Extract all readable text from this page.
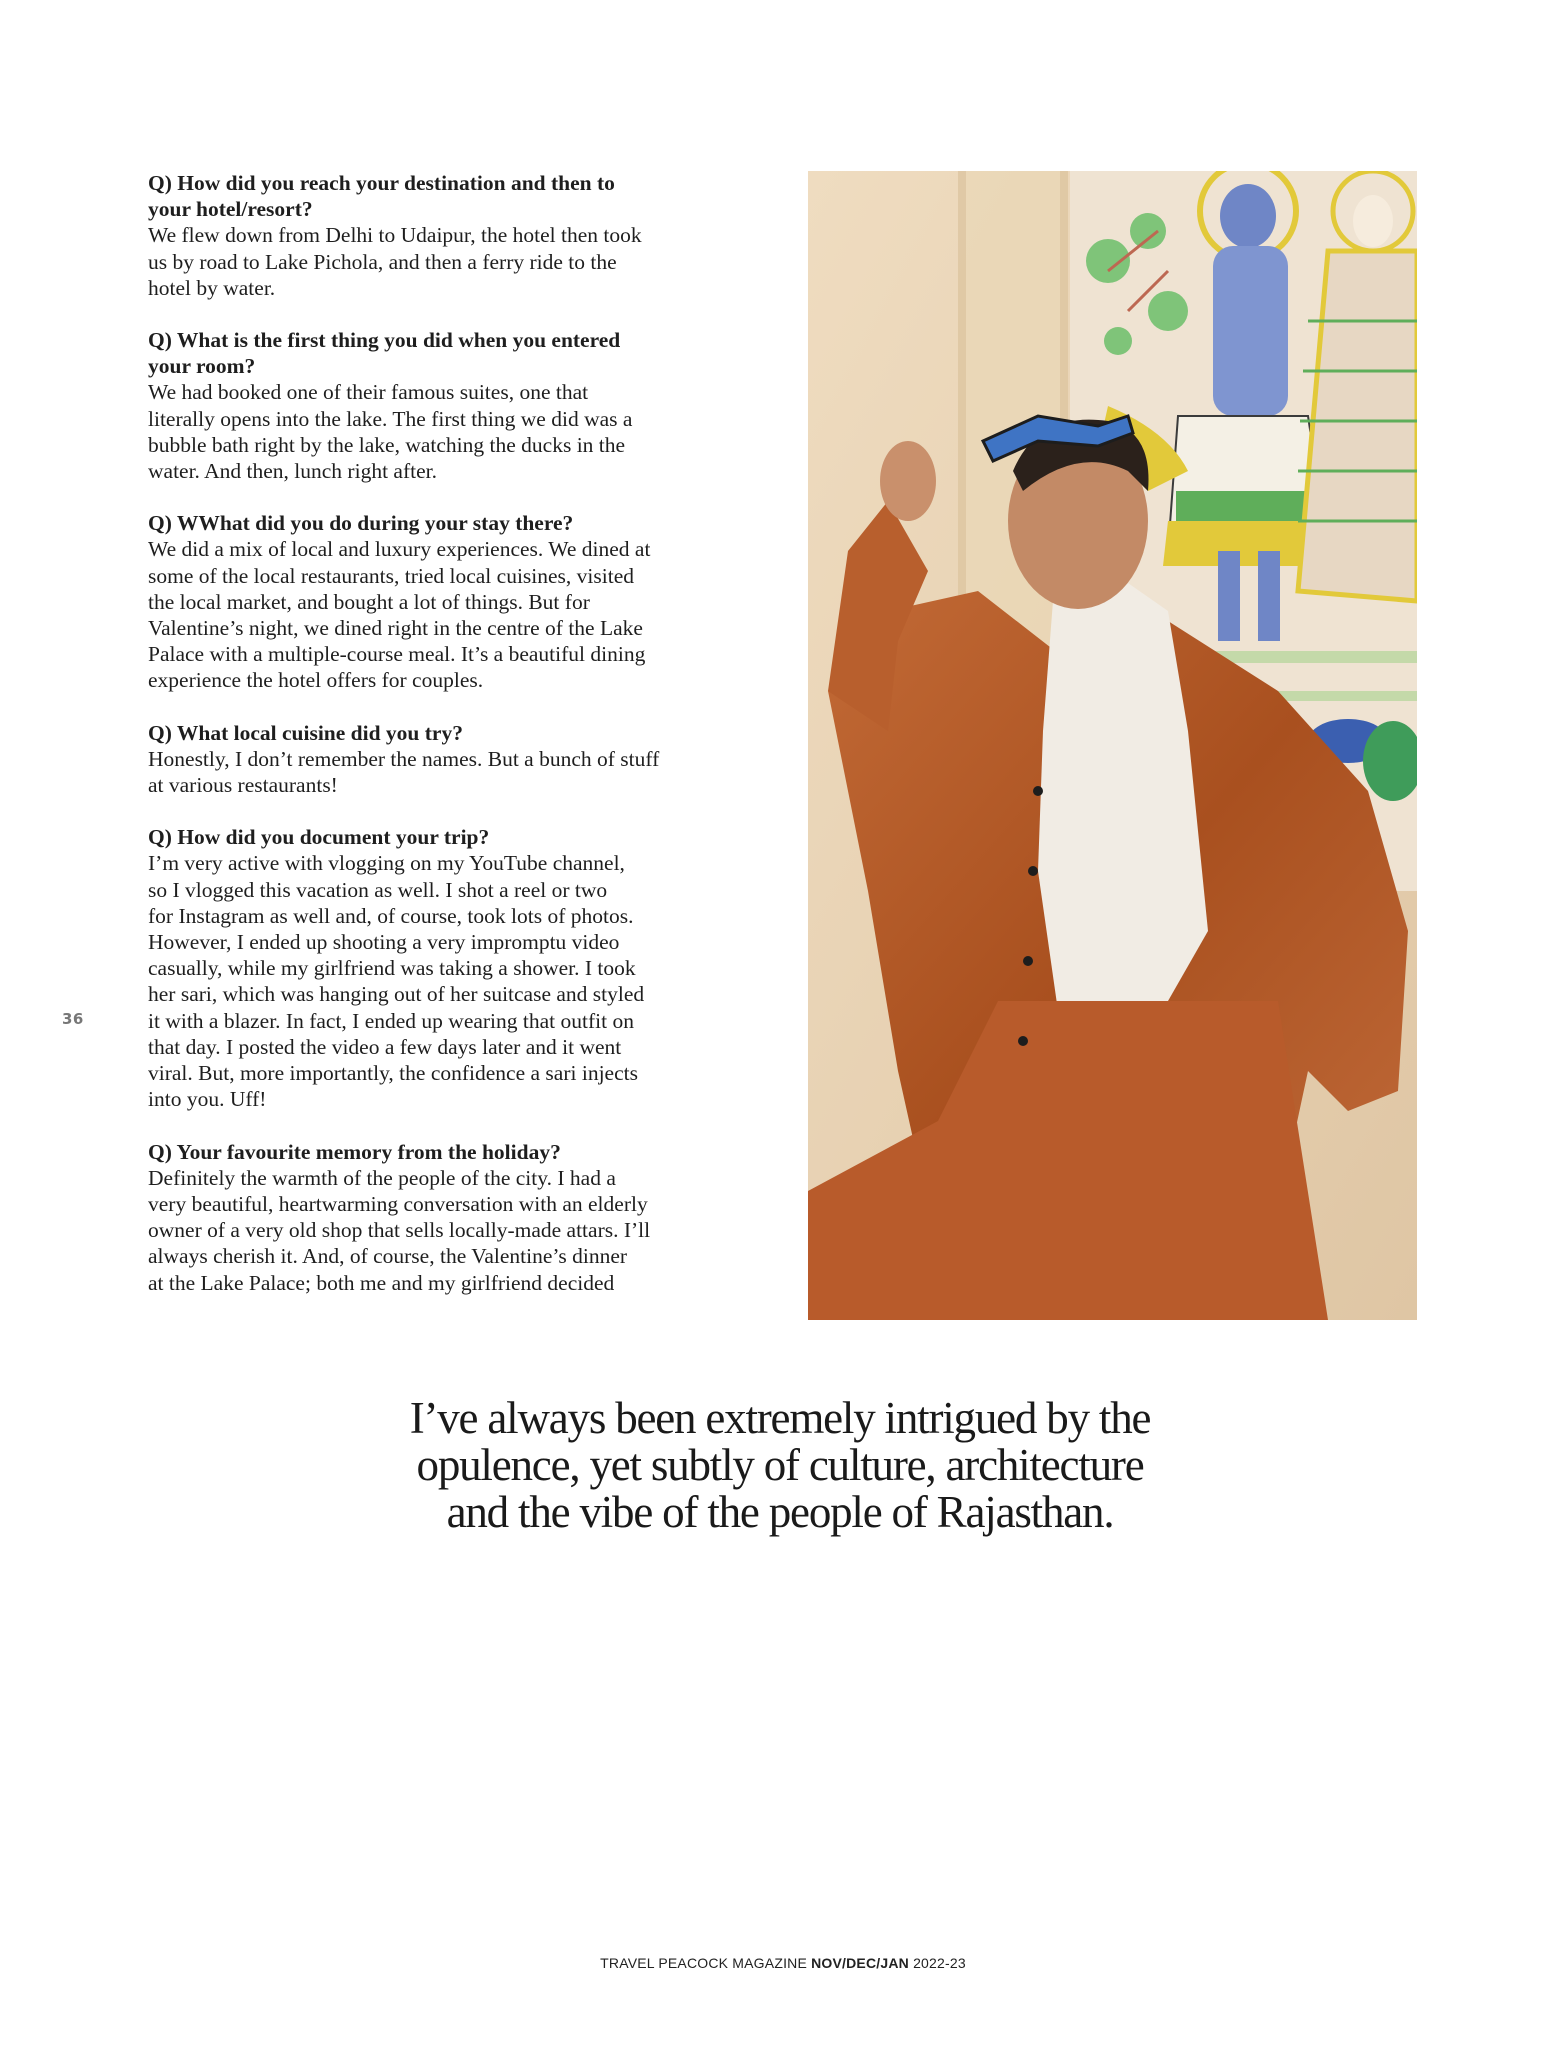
Q) How did you reach your destination and then to
your hotel/resort?
We flew down from Delhi to Udaipur, the hotel then took
us by road to Lake Pichola, and then a ferry ride to the
hotel by water.
Q) What is the first thing you did when you entered
your room?
We had booked one of their famous suites, one that
literally opens into the lake. The first thing we did was a
bubble bath right by the lake, watching the ducks in the
water. And then, lunch right after.
Q) WWhat did you do during your stay there?
We did a mix of local and luxury experiences. We dined at
some of the local restaurants, tried local cuisines, visited
the local market, and bought a lot of things. But for
Valentine’s night, we dined right in the centre of the Lake
Palace with a multiple-course meal. It’s a beautiful dining
experience the hotel offers for couples.
Q) What local cuisine did you try?
Honestly, I don’t remember the names. But a bunch of stuff
at various restaurants!
Q) How did you document your trip?
I’m very active with vlogging on my YouTube channel,
so I vlogged this vacation as well. I shot a reel or two
for Instagram as well and, of course, took lots of photos.
However, I ended up shooting a very impromptu video
casually, while my girlfriend was taking a shower. I took
her sari, which was hanging out of her suitcase and styled
it with a blazer. In fact, I ended up wearing that outfit on
that day. I posted the video a few days later and it went
viral. But, more importantly, the confidence a sari injects
into you. Uff!
Q) Your favourite memory from the holiday?
Definitely the warmth of the people of the city. I had a
very beautiful, heartwarming conversation with an elderly
owner of a very old shop that sells locally-made attars. I’ll
always cherish it. And, of course, the Valentine’s dinner
at the Lake Palace; both me and my girlfriend decided
36
I’ve always been extremely intrigued by the
opulence, yet subtly of culture, architecture
and the vibe of the people of Rajasthan.
TRAVEL PEACOCK MAGAZINE NOV/DEC/JAN 2022-23
